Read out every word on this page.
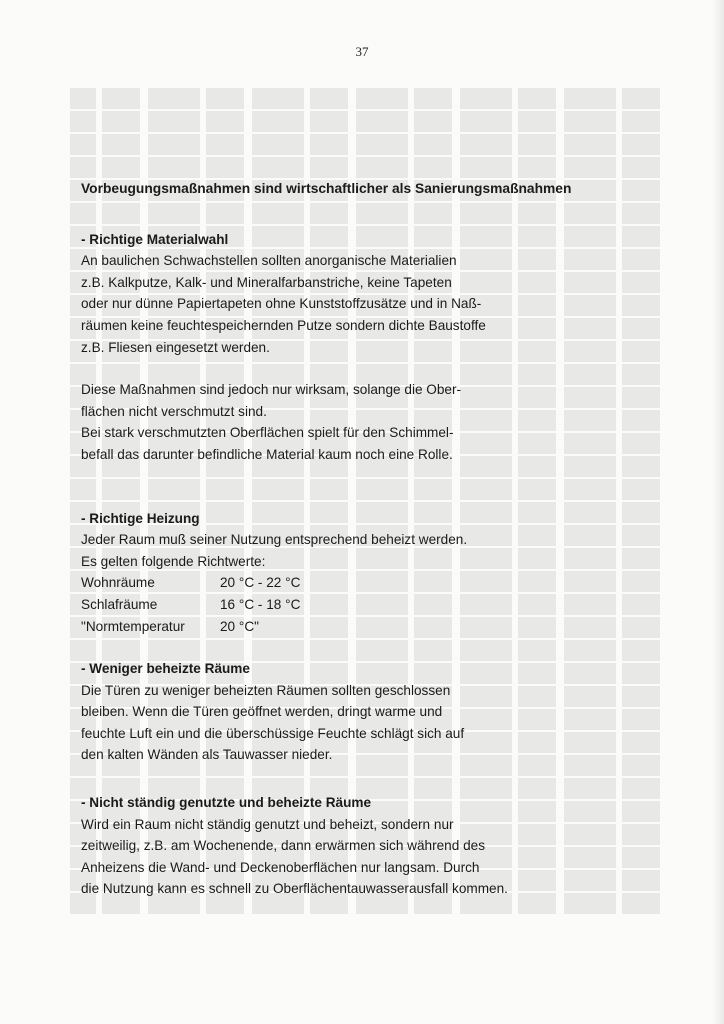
37
Vorbeugungsmaßnahmen sind wirtschaftlicher als Sanierungsmaßnahmen
- Richtige Materialwahl
An baulichen Schwachstellen sollten anorganische Materialien
z.B. Kalkputze, Kalk- und Mineralfarbanstriche, keine Tapeten
oder nur dünne Papiertapeten ohne Kunststoffzusätze und in Naß-
räumen keine feuchtespeichernden Putze sondern dichte Baustoffe
z.B. Fliesen eingesetzt werden.
Diese Maßnahmen sind jedoch nur wirksam, solange die Ober-
flächen nicht verschmutzt sind.
Bei stark verschmutzten Oberflächen spielt für den Schimmel-
befall das darunter befindliche Material kaum noch eine Rolle.
- Richtige Heizung
Jeder Raum muß seiner Nutzung entsprechend beheizt werden.
Es gelten folgende Richtwerte:
Wohnräume	20 °C - 22 °C
Schlafräume	16 °C - 18 °C
"Normtemperatur	20 °C"
- Weniger beheizte Räume
Die Türen zu weniger beheizten Räumen sollten geschlossen
bleiben. Wenn die Türen geöffnet werden, dringt warme und
feuchte Luft ein und die überschüssige Feuchte schlägt sich auf
den kalten Wänden als Tauwasser nieder.
- Nicht ständig genutzte und beheizte Räume
Wird ein Raum nicht ständig genutzt und beheizt, sondern nur
zeitweilig, z.B. am Wochenende, dann erwärmen sich während des
Anheizens die Wand- und Deckenoberflächen nur langsam. Durch
die Nutzung kann es schnell zu Oberflächentauwasserausfall kommen.
